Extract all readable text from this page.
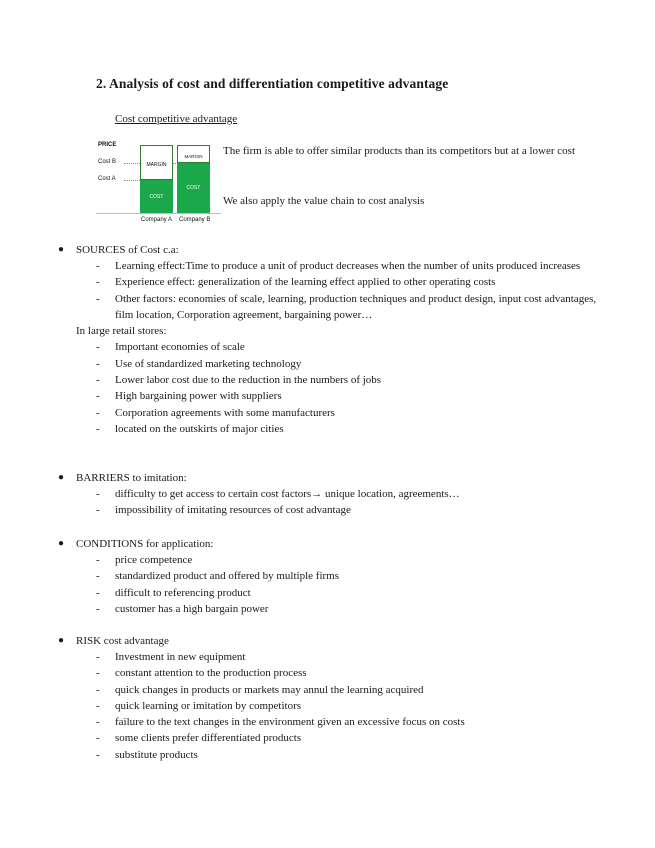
2. Analysis of cost and differentiation competitive advantage
Cost competitive advantage
PRICE
Cost B
Cost A
MARGIN
COST
MARGIN
COST
Company A Company B
The firm is able to offer similar products than its competitors but at a lower cost
We also apply the value chain to cost analysis
● SOURCES of Cost c.a:
- Learning effect:Time to produce a unit of product decreases when the number of units produced increases
- Experience effect: generalization of the learning effect applied to other operating costs
- Other factors: economies of scale, learning, production techniques and product design, input cost advantages, film location, Corporation agreement, bargaining power…
In large retail stores:
- Important economies of scale
- Use of standardized marketing technology
- Lower labor cost due to the reduction in the numbers of jobs
- High bargaining power with suppliers
- Corporation agreements with some manufacturers
- located on the outskirts of major cities
● BARRIERS to imitation:
- difficulty to get access to certain cost factors→ unique location, agreements…
- impossibility of imitating resources of cost advantage
● CONDITIONS for application:
- price competence
- standardized product and offered by multiple firms
- difficult to referencing product
- customer has a high bargain power
● RISK cost advantage
- Investment in new equipment
- constant attention to the production process
- quick changes in products or markets may annul the learning acquired
- quick learning or imitation by competitors
- failure to the text changes in the environment given an excessive focus on costs
- some clients prefer differentiated products
- substitute products
